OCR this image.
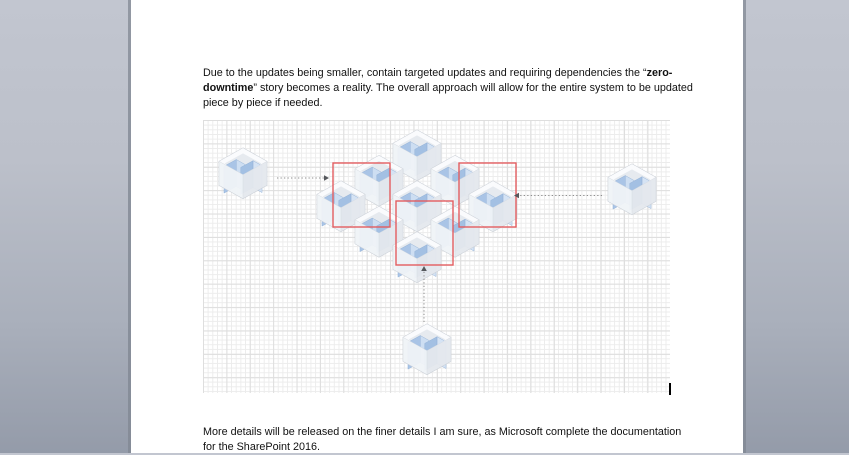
Due to the updates being smaller, contain targeted updates and requiring dependencies the “zero-
downtime” story becomes a reality. The overall approach will allow for the entire system to be updated
piece by piece if needed.
More details will be released on the finer details I am sure, as Microsoft complete the documentation
for the SharePoint 2016.
